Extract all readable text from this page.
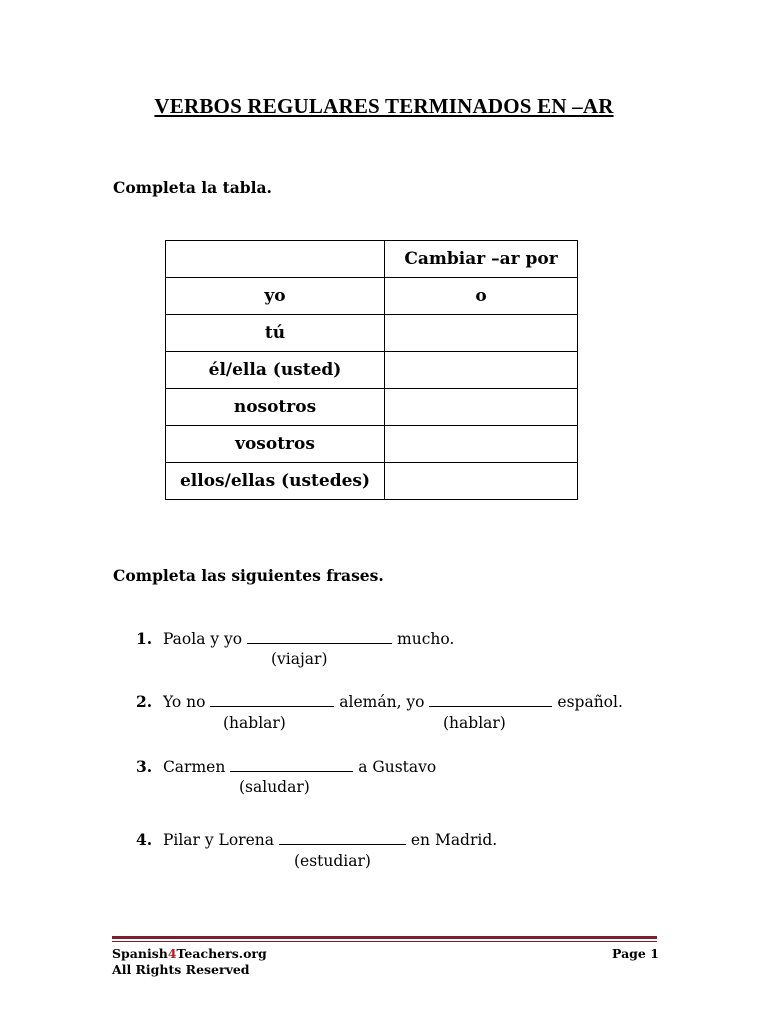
VERBOS REGULARES TERMINADOS EN –AR
Completa la tabla.
	Cambiar –ar por
yo	o
tú	
él/ella (usted)	
nosotros	
vosotros	
ellos/ellas (ustedes)	
Completa las siguientes frases.
1. Paola y yo	mucho.
(viajar)
2. Yo no	alemán, yo	español.
(hablar)	(hablar)
3. Carmen	a Gustavo
(saludar)
4. Pilar y Lorena	en Madrid.
(estudiar)
Spanish4Teachers.org
All Rights Reserved
Page 1
